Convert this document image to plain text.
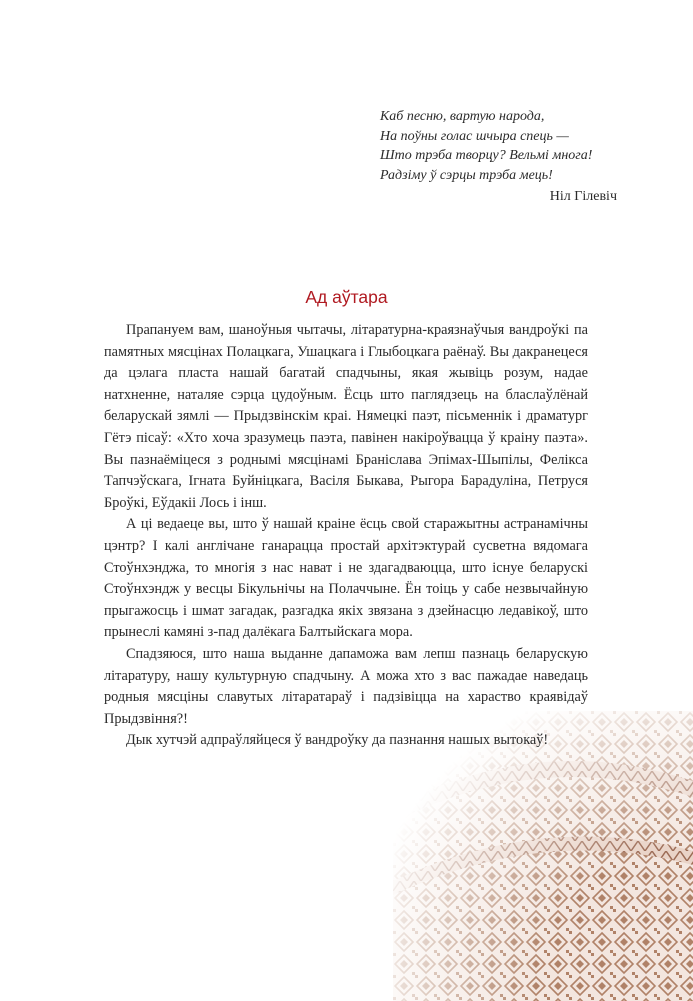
Каб песню, вартую народа,
На поўны голас шчыра спець —
Што трэба творцу? Вельмі многа!
Радзіму ў сэрцы трэба мець!
Ніл Гілевіч
Ад аўтара

Прапануем вам, шаноўныя чытачы, літаратурна-краязнаўчыя вандроўкі па памятных мясцінах Полацкага, Ушацкага і Глыбоцкага раёнаў. Вы дакранецеся да цэлага пласта нашай багатай спадчыны, якая жывіць розум, надае натхненне, наталяе сэрца цудоўным. Ёсць што паглядзець на бласлаўлёнай беларускай зямлі — Прыдзвінскім краі. Нямецкі паэт, пісьменнік і драматург Гётэ пісаў: «Хто хоча зразумець паэта, павінен накіроўвацца ў краіну паэта». Вы пазнаёміцеся з роднымі мясцінамі Браніслава Эпімах-Шыпілы, Фелікса Тапчэўскага, Ігната Буйніцкага, Васіля Быкава, Рыгора Барадуліна, Петруся Броўкі, Еўдакіі Лось і інш.

А ці ведаеце вы, што ў нашай краіне ёсць свой старажытны астранамічны цэнтр? І калі англічане ганарацца простай архітэктурай сусветна вядомага Стоўнхэнджа, то многія з нас нават і не здагадваюцца, што існуе беларускі Стоўнхэндж у весцы Бікульнічы на Полаччыне. Ён тоіць у сабе незвычайную прыгажосць і шмат загадак, разгадка якіх звязана з дзейнасцю ледавікоў, што прынеслі камяні з-пад далёкага Балтыйскага мора.

Спадзяюся, што наша выданне дапаможа вам лепш пазнаць беларускую літаратуру, нашу культурную спадчыну. А можа хто з вас пажадае наведаць родныя мясціны славутых літаратараў і падзівіцца на хараство краявідаў Прыдзвіння?!

Дык хутчэй адпраўляйцеся ў вандроўку да пазнання нашых вытокаў!
